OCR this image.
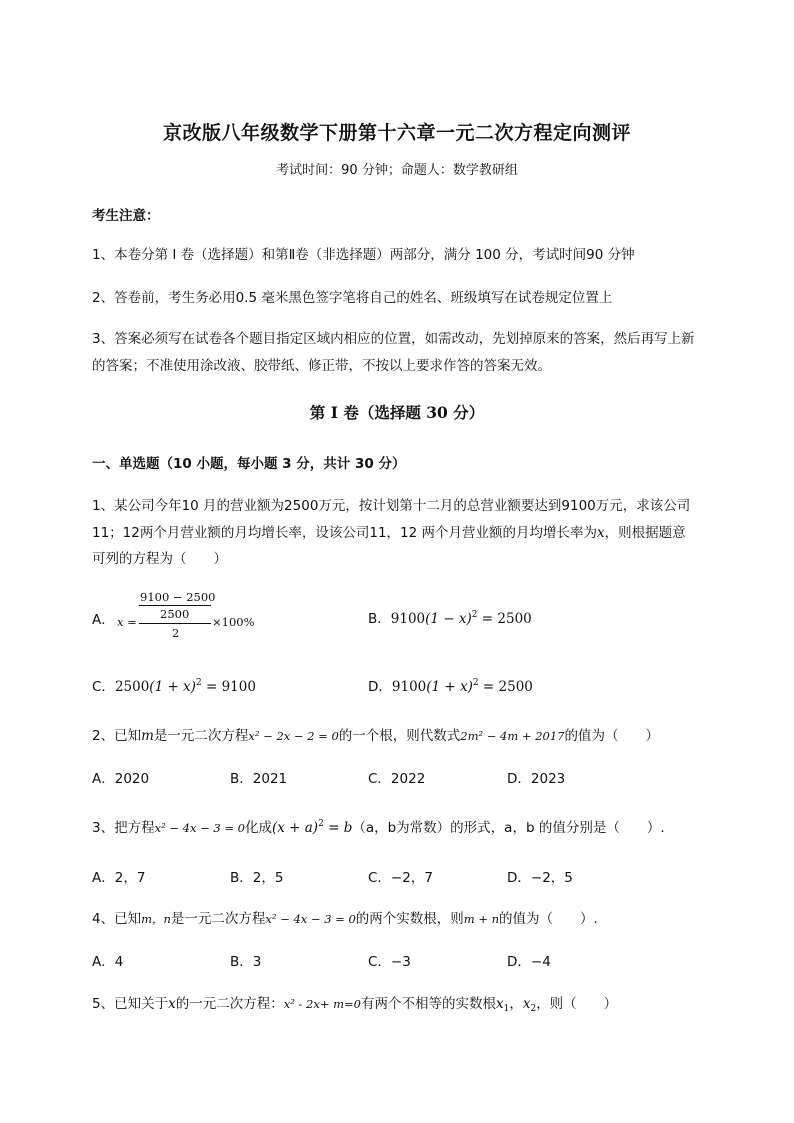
京改版八年级数学下册第十六章一元二次方程定向测评
考试时间：90 分钟；命题人：数学教研组
考生注意：
1、本卷分第 I 卷（选择题）和第Ⅱ卷（非选择题）两部分，满分 100 分，考试时间90 分钟
2、答卷前，考生务必用0.5 毫米黑色签字笔将自己的姓名、班级填写在试卷规定位置上
3、答案必须写在试卷各个题目指定区域内相应的位置，如需改动，先划掉原来的答案，然后再写上新
的答案；不准使用涂改液、胶带纸、修正带，不按以上要求作答的答案无效。
第 I 卷（选择题 30 分）
一、单选题（10 小题，每小题 3 分，共计 30 分）
1、某公司今年10 月的营业额为2500万元，按计划第十二月的总营业额要达到9100万元，求该公司
11；12两个月营业额的月均增长率，设该公司11，12 两个月营业额的月均增长率为x，则根据题意
可列的方程为（　　）
A．
9100 − 2500
2500
x =	×100%
2
B．$9100(1 - x)^2 = 2500$
C．$2500(1 + x)^2 = 9100$	D．$9100(1 + x)^2 = 2500$
2、已知m是一元二次方程x² − 2x − 2 = 0的一个根，则代数式2m² − 4m + 2017的值为（　　）
A．2020	B．2021	C．2022	D．2023
3、把方程x² − 4x − 3 = 0化成$(x + a)^2 = b(a$，b为常数）的形式，a，b 的值分别是（　　）.
A．2，7	B．2，5	C．−2，7	D．−2，5
4、已知m，n是一元二次方程x² − 4x − 3 = 0的两个实数根，则m + n的值为（　　）.
A．4	B．3	C．−3	D．−4
5、已知关于x的一元二次方程：x² - 2x+ m=0有两个不相等的实数根$x_1$，$x_2$，则（　　）
